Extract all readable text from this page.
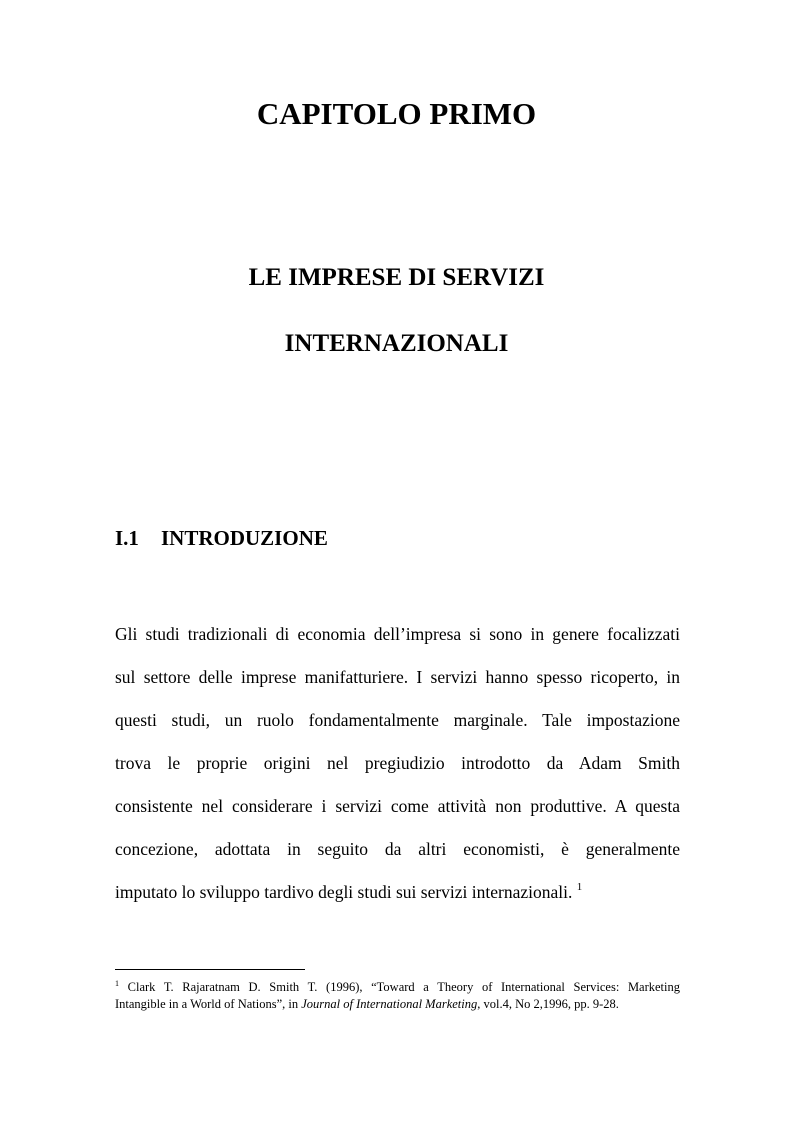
CAPITOLO PRIMO
LE IMPRESE DI SERVIZI
INTERNAZIONALI
I.1 INTRODUZIONE

Gli studi tradizionali di economia dell’impresa si sono in genere focalizzati
sul settore delle imprese manifatturiere. I servizi hanno spesso ricoperto, in
questi studi, un ruolo fondamentalmente marginale. Tale impostazione
trova le proprie origini nel pregiudizio introdotto da Adam Smith
consistente nel considerare i servizi come attività non produttive. A questa
concezione, adottata in seguito da altri economisti, è generalmente
imputato lo sviluppo tardivo degli studi sui servizi internazionali. $^1$

$^1$ Clark T. Rajaratnam D. Smith T. (1996), “Toward a Theory of International Services: Marketing
Intangible in a World of Nations”, in Journal of International Marketing, vol.4, No 2,1996, pp. 9-28.
